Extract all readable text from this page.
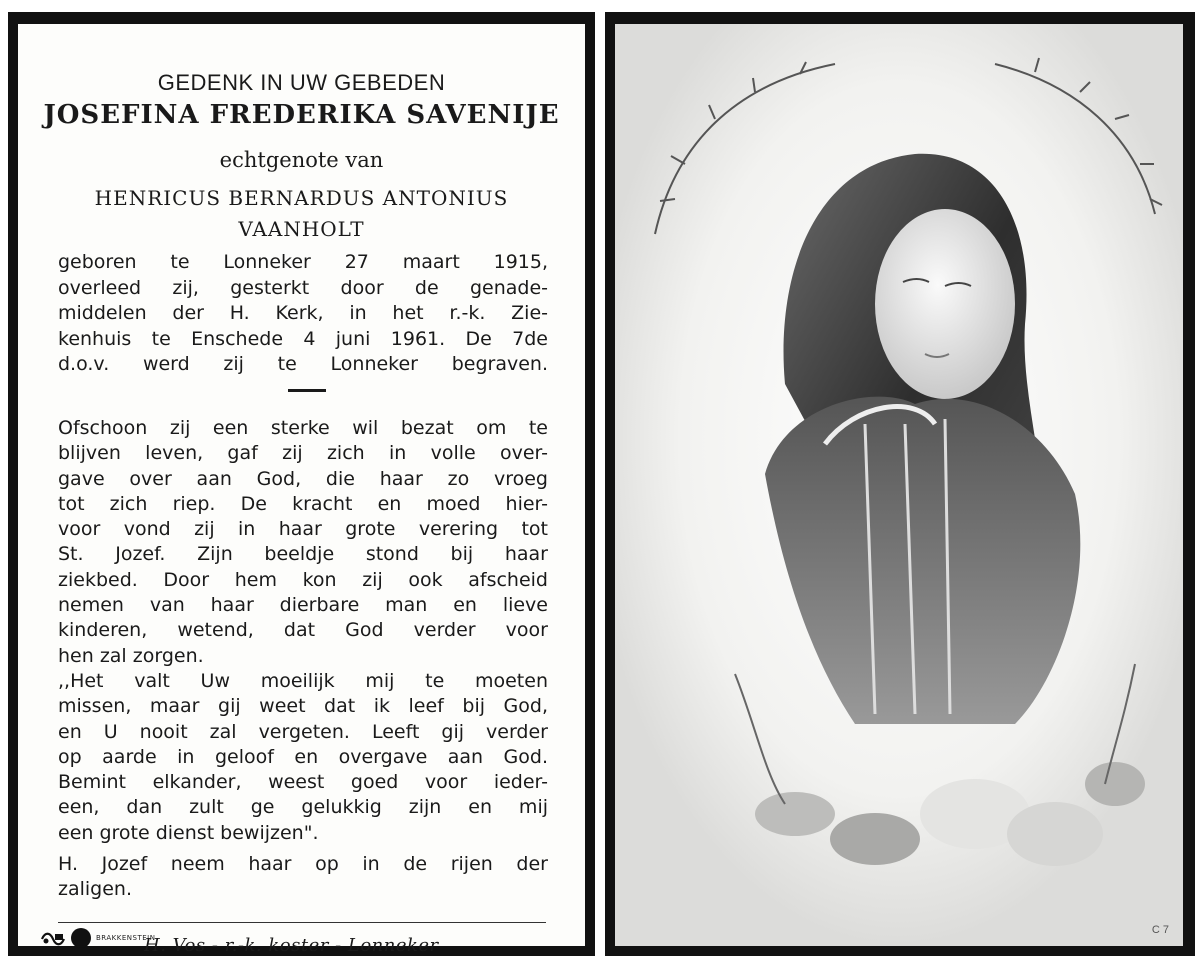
GEDENK IN UW GEBEDEN
JOSEFINA FREDERIKA SAVENIJE
echtgenote van
HENRICUS BERNARDUS ANTONIUS
VAANHOLT
geboren te Lonneker 27 maart 1915,
overleed zij, gesterkt door de genade-
middelen der H. Kerk, in het r.-k. Zie-
kenhuis te Enschede 4 juni 1961. De 7de
d.o.v. werd zij te Lonneker begraven.
Ofschoon zij een sterke wil bezat om te
blijven leven, gaf zij zich in volle over-
gave over aan God, die haar zo vroeg
tot zich riep. De kracht en moed hier-
voor vond zij in haar grote verering tot
St. Jozef. Zijn beeldje stond bij haar
ziekbed. Door hem kon zij ook afscheid
nemen van haar dierbare man en lieve
kinderen, wetend, dat God verder voor
hen zal zorgen.
,,Het valt Uw moeilijk mij te moeten
missen, maar gij weet dat ik leef bij God,
en U nooit zal vergeten. Leeft gij verder
op aarde in geloof en overgave aan God.
Bemint elkander, weest goed voor ieder-
een, dan zult ge gelukkig zijn en mij
een grote dienst bewijzen".
H. Jozef neem haar op in de rijen der
zaligen.
BRAKKENSTEIN
H. Vos - r.-k. koster - Lonneker
C 7
